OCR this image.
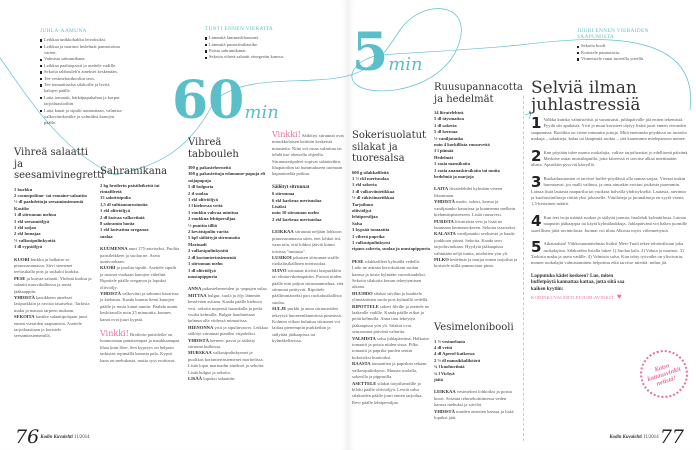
JUHLA-AAMUNA
Leikkaa unikkokakku leivoksiksi.
Leikkaa ja marinoi hedelmät pannacottaa varten.
Valmista sahramikana.
Leikkaa paahtopaisti ja asettele vadille.
Sekoita tabbouleh'n ainekset keskenään.
Tee vesimelonibooliin seos.
Tee tomaattisalsa silakoille ja levitä kalojen päälle.
Laita tomaatit, härkäpapuhahna ja korput tarjoiluastioihin.
Laita kanat ja sipulit uuniastiaan, valmista valkoviinikastike ja valmiiksi kanojen päälle.
TUNTI ENNEN VIERAITA
Lämmitä lammaslihaonnet.
Lämmitä punaviinikastike.
Paista sahramikanat.
Sekoita vihreä salaatti vinegretin kanssa.
60min
Vihreä salaatti ja seesamivinegretti
1 kurkku
2 cosmopolitan- tai romaine-salaattia
½ dl paahdettuja seesaminsiemeniä
Kastike
1 dl sitruunan mehua
1 rkl seesamiöljyä
1 rkl soijaa
2 rkl hunajaa
½ valkosipulinkynttä
1 dl rypsiöljyä
KUORI kurkku ja halkaise se pituussuunnassa. Siivi siemenet teelusikalla pois ja suikaloi kurkku.
PESE ja kuivaa salaatti. Yhdistä kurkut ja salaatti muovikulhossa ja nosta jääkaappiin.
YHDISTÄ kastikkeen ainekset lasipurkkiin ja ravista tasaiseksi. Tarkista maku ja mausta tarpeen mukaan.
SEKOITA kastike salaattipohjaan juuri ennen vieraiden saapumista. Asettele tarjoiluastiaan ja koristele seesaminsiemenillä.
Sahramikana
2 kg broilerin paistileikettä tai rintafileetä
15 salottisipulia
1,5 dl sulttaanarusinoita
1 rkl oliiviöljyä
2 dl kuivaa valkoviiniä
8 sahramin luotia
1 rkl kuivattua oreganoa
suolaa
KUUMENNA uuni 175-asteiseksi. Puolita paistileikkeet ja suolaa ne. Aseta uunivuokaan.
KUORI ja puolita sipulit. Asettele sipulit ja rusinat vuokaan kanojen väleihin. Ripottele päälle oreganoa ja lopuksi oliiviöljy.
YHDISTÄ valkoviini ja sahrami kasarissa ja kiehauta. Kaada kuuma liemi kanojen päälle ja nosta kanat uuniin. Paahda uunin keskitasolla noin 25 minuuttia, kunnes kanat ovat juuri kypsiä.
Vinkki! Broilerin paistileike on luonnostaan punaisempaa ja maukkaampaa lihaa kuin filee. Sen kypsyys on helpoin tarkistaa repimällä kanasta pala. Kypsä kana on mehukasta, mutta syyt erottuvat.
Vihreä tabbouleh
300 g pakasteherneitä
300 g pakastettuja edamame-papuja eli soijapapuja
5 dl bulguria
2 tl suolaa
1 rkl oliiviöljyä
1 l kiehuvaa vettä
1 ruukku vahvaa minttua
2 ruukkua lehtipersiljaa
½ punttia tilliä
2 kevätsipulin vartta
5 kpl säilöttyjä sitruunoita
Marinadi
2 valkosipulinkynttä
2 dl korianterinsiemeniä
1 sitruunan mehu
1 dl oliiviöljyä
mustapippuria
ANNA pakasteherneiden ja -papujen sulaa.
MITTAA bulgur, suola ja öljy lämmön kestävään astiaan. Kaada päälle kiehuva vesi, sekoita nopeasti haarukalla ja peitä vuoka kelmulla. Bulgur haudutetaan kelmun alla viidessä minuutissa.
HIENONNA yrtit ja sipulinvarret. Leikkaa säilötyt sitruunat pieniksi viipaleiksi.
YHDISTÄ herneet, pavut ja säilötty sitruuna kulhossa.
MURSKAA valkosipulinkynnet ja puolikas korianterinsiemenet morttelissa. Lisää loput marinadin ainekset ja sekoita. Lisää bulgur ja sekoita.
LISÄÄ lopuksi salaattiin.
Vinkki! Säilöttyt sitruunat ovat marokkolaisen keittiön keskeisiä mausteita. Niitä voi ostaa valmiina tai tehdä itse oheisella ohjeella. Sitruunaviipaleet sopivat salaatteihin, lihapatoihin tai hummukseen tuomaan hapanimelää potkua.
Säilötyt sitruunat
6 sitruunaa
6 rkl karkeaa merisuolaa
Lisäksi
noin 10 sitruunan mehu
2 rkl karkeaa merisuolaa
LEIKKAA sitruunat neljään lohkoon pituussuunnassa siten, etet lohkot irti, vaan niin, että lohkot jäävät kiinni toisissa "tumasta".
LUSIKOI jokaisen sitruunan sisälle ruokalusikallinen merisuolaa.
SUIVO sitruunat tiiviisti lasipurkkiin tai elintarvikeämpäriin. Purista niiden päälle niin paljon sitruunanmehua, että sitruunat peittyvät. Ripottele päällimmäiseksi pari ruokalusikallista suolaa.
SULJE purkki ja anna sitruunoiden tekeytyä huoneenlämmössä pimeässä. Kolmen viikon kuluttua sitruunat voi laittaa pienempiin purkkeihin ja säilyttää jääkaapissa tai kylmäkellarissa.
76 Kodin Kuvalehti 11/2014
5min
JUURI ENNEN VIERAIDEN SAAPUMISTA
Sekoita booli.
Koristele pannacotta.
Viimeistele ruuat tuoreilla yrteillä.
Sokerisuolatut silakat ja tuoresalsa
600 g silakkafileitä
1 ½ rkl merisuolaa
1 rkl sokeria
1 dl valkoviinietikkaa
½ dl väkiviinaetikkaa
Tarjoiluun
oliiviöljyä
lehtipersiljaa
Salsa
3 kypsää tomaattia
1 vihreä paprika
1 valkosipulinkynsi
ripaus sokeria, suolaa ja mustapippuria
PESE silakkafileet kylmällä vedellä. Lado ne astiaan kerroksittain suolan kanssa ja nosta kylmään vuorokaudeksi. Sekoita silakoita kerran tekeytymisen aikana.
HUUHDO silakat siivilän ja huuhtele ylimääräinen suola pois kylmällä vedellä.
RIPOTTELE sokeri fileille ja asettele ne laakealle vadille. Kaada päälle etikat ja peitä kelmulla. Anna taas tekeytyä jääkaapissa yön yli. Silakat ovat seuraavana päivänä valmiita.
VALMISTA salsa juhlapäivänä. Halkaise tomaatit ja poista niiden sisus. Pilko tomaatit ja paprika puolen sentin kokoisiksi kuutioiksi.
RAASTA tomaattien ja paprikan sekaan valkosipulinkynsi. Mausta suolalla, sokerilla ja pippurilla.
ASETTELE silakat tarjoiluvadille ja kiloki päälle oliiviöljyä. Levitä salsa silakoiden päälle juuri ennen tarjoilua. Revi päälle lehtipersiljaa.
Ruusupannacotta ja hedelmät
14 liivatelehteä
5 dl täysmaitoa
1 dl sokeria
5 dl kermaa
½ vaniljatanko
noin 4 korkillista ruusuvettä
1 l piimää
Hedelmät
1 rasia mansikoita
1 rasia ananaskirsikoita tai muita hedelmiä ja marjoja
LAITA liivatelehdet kylmään veteen likoamaan.
YHDISTÄ maito, sokeri, kerma ja vaniljatanko kasarissa ja kuumenna melkein kiehumispisteeseen. Lisää ruusuvesi.
PURISTA liivatteista vesi ja lisää ne kuumaan kermaseokseen. Sekoita tasaiseksi.
KALASTA vaniljatanko seoksesta ja kaada joukkoon piimä. Sekoita. Kaada seos tarjoiluvuokaan. Hyydytä jääkaapissa vähintään neljä tuntia, mieluiten yön yli.
PILKO hedelmät ja marjat ennen tarjoilua ja koristele niillä pannacotan pinta.
Vesimelonibooli
1 ½ vesimelonia
4 dl vettä
4 dl Aperol-katkeroa
2 ½ dl mansikkaliköörä
¾ l kuohuviiniä
¾ l Vichyä
jäitä
LEIKKAA vesimeloni lohkoiksi ja poista kuori. Soseuta tehosekoittimessa veden kanssa mehuksi ja siivilöi.
YHDISTÄ muiden ainesten kanssa ja lisää lopuksi jäät.
Selviä ilman juhlastressiä
1 Valkka kuinka valmistelisit ja varautuisit, juhlapäivälle jää eniten tekemistä. Pyydä siis apukäsiä. Yrtit ja muut koristeet täytyy lisätä juuri ennen vieraiden saapumista. Boolikin on viime minuutin juttuja. Mitä enemmän pöydässä on tuoreita makuja – salaatteja, kalaa tai lämpimiä ruokia – sitä kauemmin mielepanoon menee.
2 Kun pöytään tulee monta ruokalajia, valitse tarjoiluastiat jo edellisenä päivänä. Merkitse astiat muistilapuilla, jotta kiireessä ei tarvitse alkaa miettimään alusta. Apuriktin pysyvät kärryillä.
3 Ruokailuautasten ei tarvitse buffet-pöydässä olla samaa sarjaa. Vieraat tuskin huomaavat, jos malli vaihtuu, ja oma ainoakin erottuu joukosta paremmin. Lainaa lisää lautasia naapurilta tai vuokraa halvalla yhdistykseltä. Lautasia, aterimia ja kuohuviinilaseja riittää yksi jokaiselle. Viinilaseja ja juomalaseja on syytä varata 1,5-kertainen määrä.
4 Kun teet isoja määriä ruokaa ja säilytät juomia, huolehdi kylmätilasta. Lainaa naapurin jääkaappia tai käytä kylmälaukkuja. Juhlapäivänä voi hakea juomille saavillisen jäitä ravintolasta. Juomat voi tilata Alkosta myös viilennettyinä.
5 Aikatauluta! Viikkosuunnitelman lisäksi Meri-Tuuli tekee tehtävälistan joka ruokalajista. Silakoiden listalla lukee 1) Suolaa kala. 2) Valuta ja marinoi. 3) Tarkista maku ja aseta vadille. 4) Valmista salsa. Kun tehty työvaihe on yliviivattu, monen ruokalajin valmistaminen helpottuu eikä tarvitse miettiä, mihin jäi.
Lopputuko kädet keskeen? Lue, miten buffetpöytä kannattaa kattaa, jotta siitä saa kaiken kyytiin:
KODINKUVALEHTI.FI/JUHLAVINKIT ♥
Katso kattausvinkit netistä!
Kodin Kuvalehti 11/2014 77
